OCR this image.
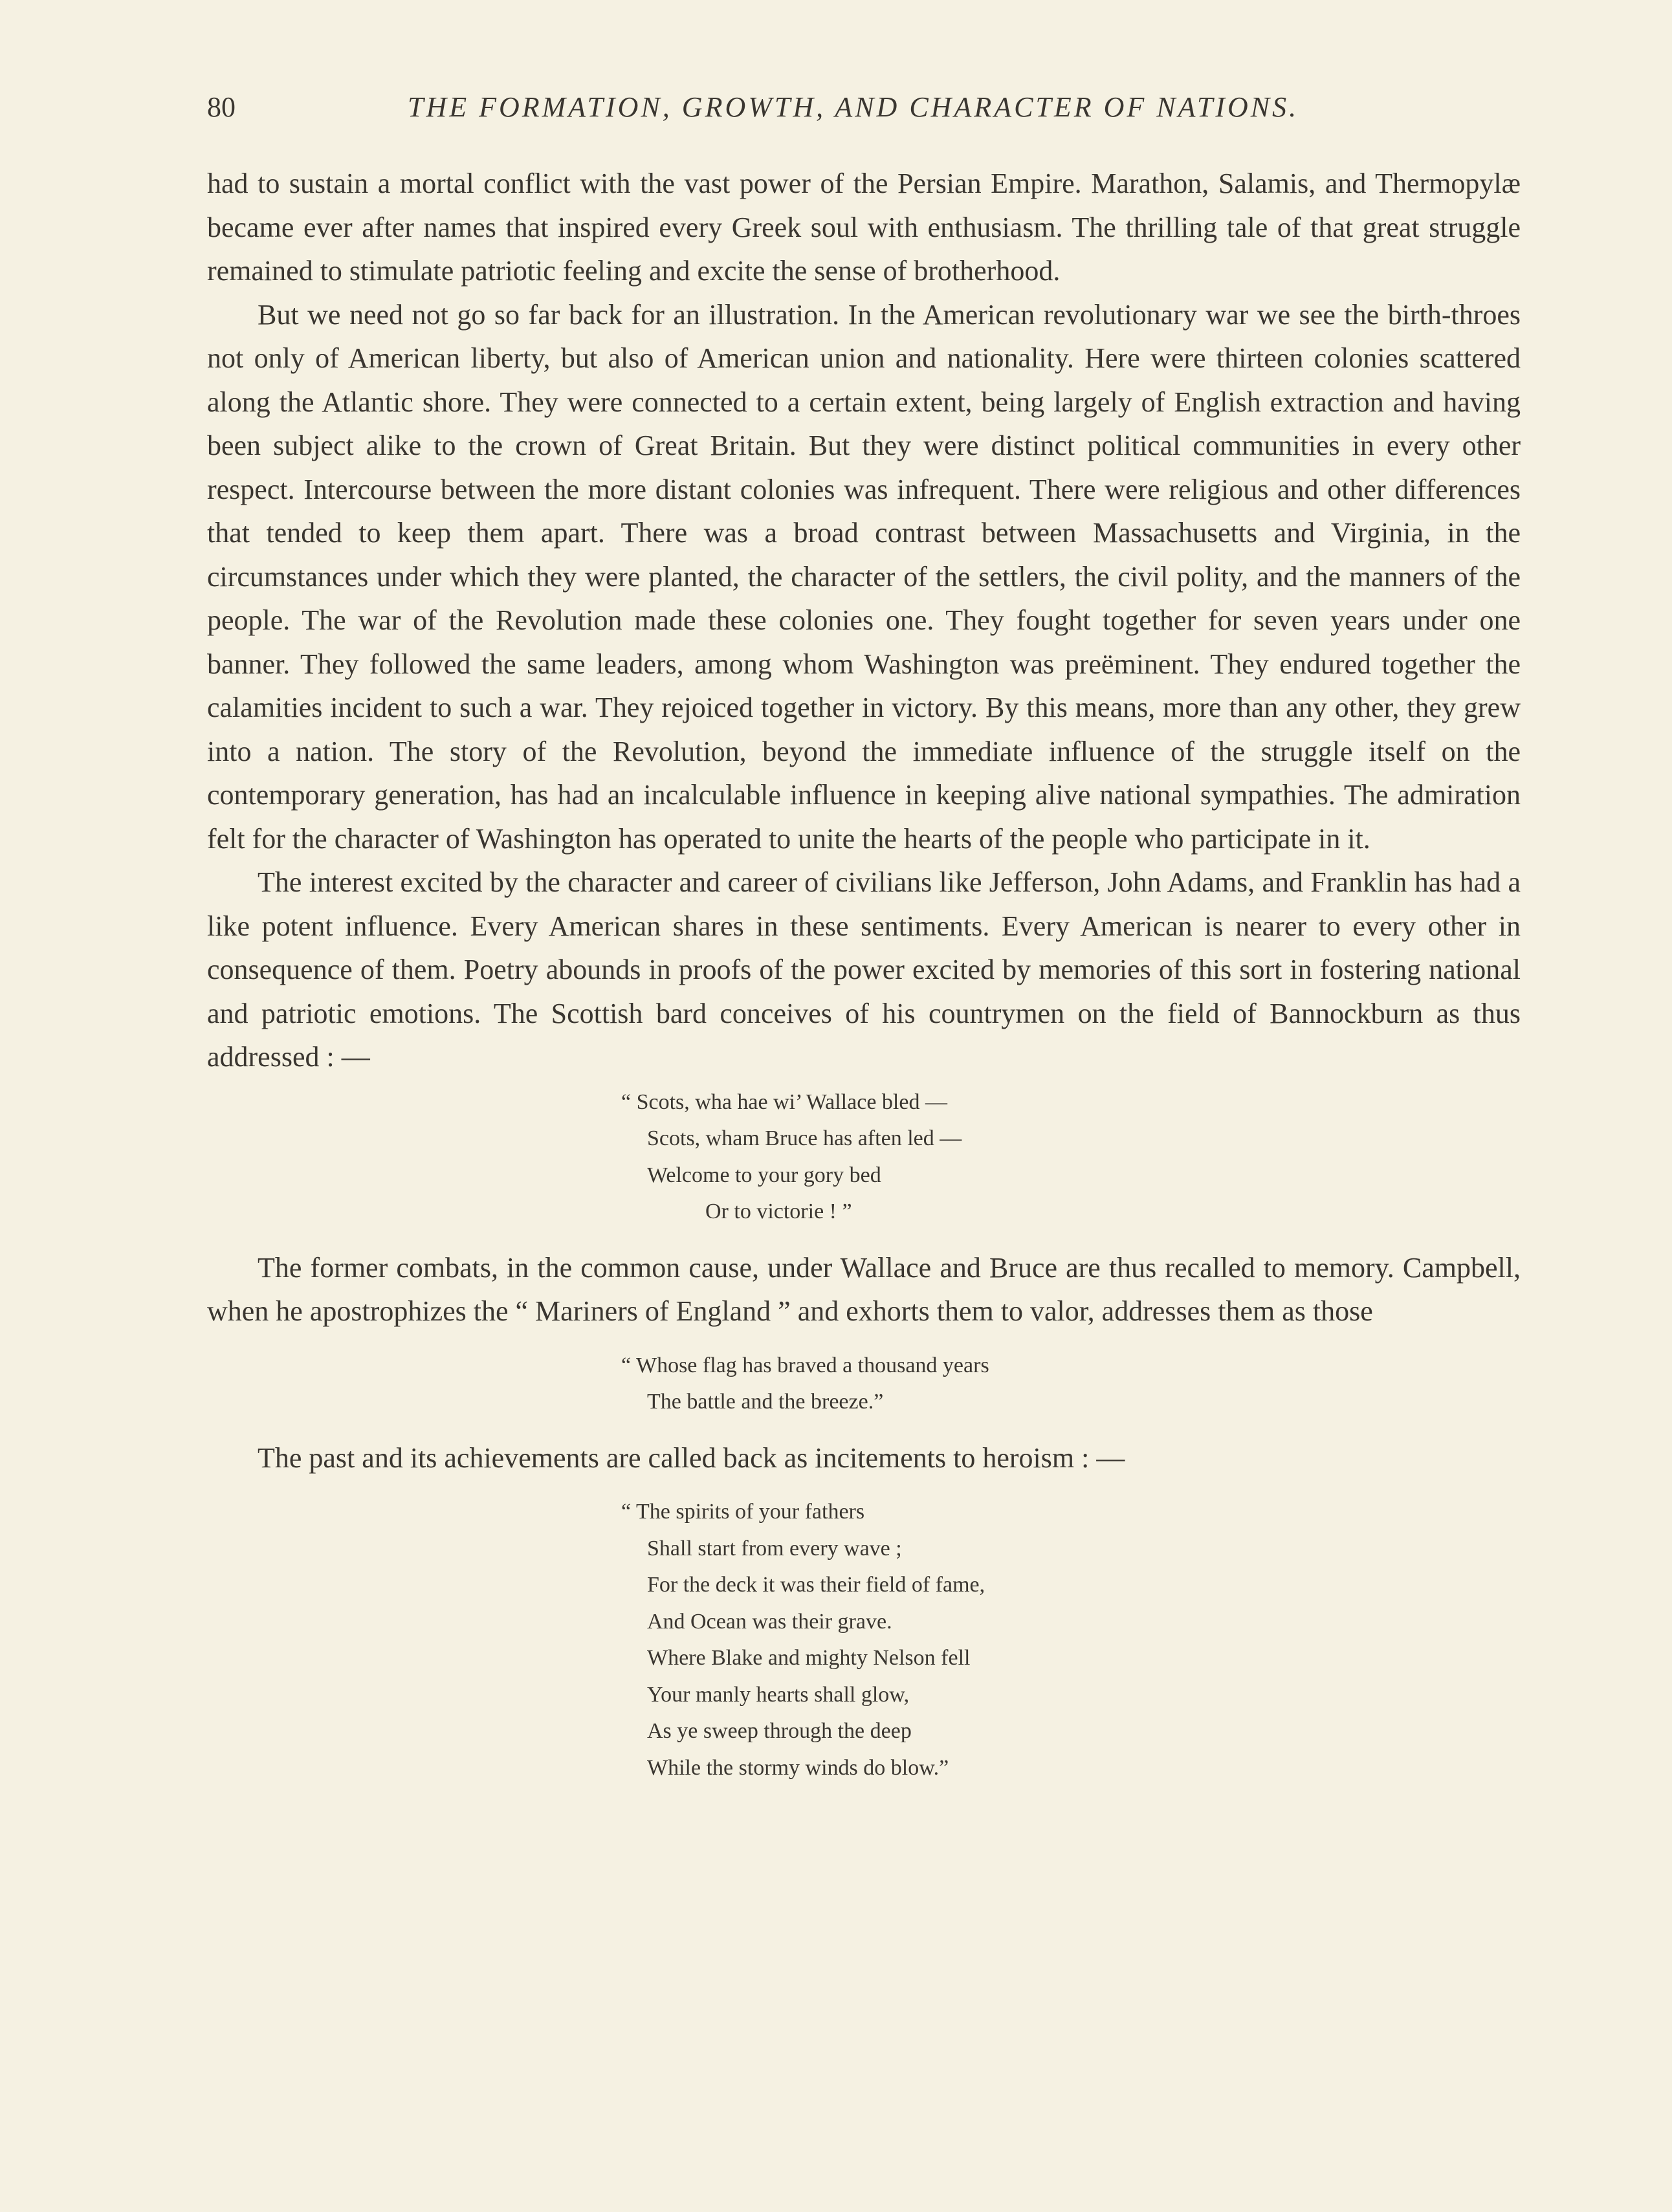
80	THE FORMATION, GROWTH, AND CHARACTER OF NATIONS.

had to sustain a mortal conflict with the vast power of the Persian Empire. Marathon, Salamis, and Thermopylæ became ever after names that inspired every Greek soul with enthusiasm. The thrilling tale of that great struggle remained to stimulate patriotic feeling and excite the sense of brotherhood.

But we need not go so far back for an illustration. In the American revolutionary war we see the birth-throes not only of American liberty, but also of American union and nationality. Here were thirteen colonies scattered along the Atlantic shore. They were connected to a certain extent, being largely of English extraction and having been subject alike to the crown of Great Britain. But they were distinct political communities in every other respect. Intercourse between the more distant colonies was infrequent. There were religious and other differences that tended to keep them apart. There was a broad contrast between Massachusetts and Virginia, in the circumstances under which they were planted, the character of the settlers, the civil polity, and the manners of the people. The war of the Revolution made these colonies one. They fought together for seven years under one banner. They followed the same leaders, among whom Washington was preëminent. They endured together the calamities incident to such a war. They rejoiced together in victory. By this means, more than any other, they grew into a nation. The story of the Revolution, beyond the immediate influence of the struggle itself on the contemporary generation, has had an incalculable influence in keeping alive national sympathies. The admiration felt for the character of Washington has operated to unite the hearts of the people who participate in it.

The interest excited by the character and career of civilians like Jefferson, John Adams, and Franklin has had a like potent influence. Every American shares in these sentiments. Every American is nearer to every other in consequence of them. Poetry abounds in proofs of the power excited by memories of this sort in fostering national and patriotic emotions. The Scottish bard conceives of his countrymen on the field of Bannockburn as thus addressed : —

“ Scots, wha hae wi’ Wallace bled —
Scots, wham Bruce has aften led —
Welcome to your gory bed
Or to victorie ! ”

The former combats, in the common cause, under Wallace and Bruce are thus recalled to memory. Campbell, when he apostrophizes the “ Mariners of England ” and exhorts them to valor, addresses them as those

“ Whose flag has braved a thousand years
The battle and the breeze.”

The past and its achievements are called back as incitements to heroism : —

“ The spirits of your fathers
Shall start from every wave ;
For the deck it was their field of fame,
And Ocean was their grave.
Where Blake and mighty Nelson fell
Your manly hearts shall glow,
As ye sweep through the deep
While the stormy winds do blow.”
